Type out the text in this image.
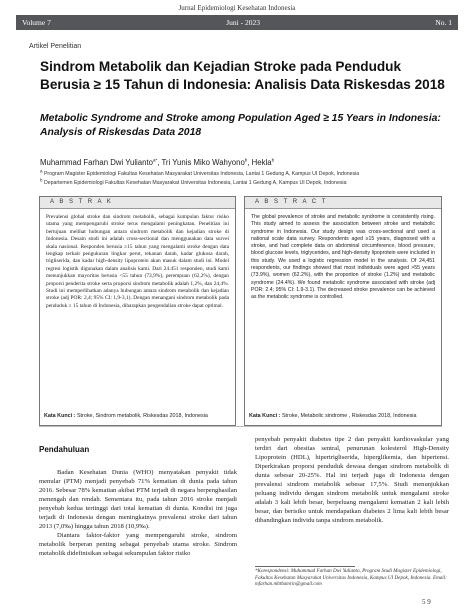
Jurnal Epidemiologi Kesehatan Indonesia
Volume 7	Juni - 2023	No. 1
Artikel Penelitian
Sindrom Metabolik dan Kejadian Stroke pada Penduduk Berusia ≥ 15 Tahun di Indonesia: Analisis Data Riskesdas 2018
Metabolic Syndrome and Stroke among Population Aged ≥ 15 Years in Indonesia: Analysis of Riskesdas Data 2018
Muhammad Farhan Dwi Yulianto$^{a*}$, Tri Yunis Miko Wahyono$^b$, Hekla$^b$
$^a$ Program Magister Epidemiologi Fakultas Kesehatan Masyarakat Universitas Indonesia, Lantai 1 Gedung A, Kampus UI Depok, Indonesia
$^b$ Departemen Epidemiologi Fakultas Kesehatan Masyarakat Universitas Indonesia, Lantai 1 Gedung A, Kampus UI Depok, Indonesia
A B S T R A K
Prevalensi global stroke dan sindrom metabolik, sebagai kumpulan faktor risiko utama yang mempengaruhi stroke terus mengalami peningkatan. Penelitian ini bertujuan melihat hubungan antara sindrom metabolik dan kejadian stroke di Indonesia. Desain studi ini adalah cross-sectional dan menggunakan data survei skala nasional. Responden berusia ≥15 tahun yang mengalami stroke dengan data lengkap terkait pengukuran lingkar perut, tekanan darah, kadar glukosa darah, trigliserida, dan kadar high-density lipoprotein akan masuk dalam studi ini. Model regresi logistik digunakan dalam analisis kami. Dari 24.451 responden, studi kami menunjukkan mayoritas berusia <55 tahun (73,9%), perempuan (62,2%), dengan proporsi penderita stroke serta proporsi sindrom metabolik adalah 1,2%, dan 24,4%. Studi ini memperlihatkan adanya hubungan antara sindrom metabolik dan kejadian stroke (adj POR: 2,4; 95% CI: 1,9-3,1). Dengan menangani sindrom metabolik pada penduduk ≥ 15 tahun di Indonesia, diharapkan pengendalian stroke dapat optimal.
Kata Kunci : Stroke, Sindrom metabolik, Riskesdas 2018, Indonesia
A B S T R A C T
The global prevalence of stroke and metabolic syndrome is consistently rising. This study aimed to assess the association between stroke and metabolic syndrome in Indonesia. Our study design was cross-sectional and used a national scale data survey. Respondents aged ≥15 years, diagnosed with a stroke, and had complete data on abdominal circumference, blood pressure, blood glucose levels, triglycerides, and high-density lipoprotein were included in this study. We used a logistic regression model in the analysis. Of 24,451 respondents, our findings showed that most individuals were aged >55 years (73.9%), women (62.2%), with the proportion of stroke (1.2%) and metabolic syndrome (24.4%). We found metabolic syndrome associated with stroke (adj POR: 2.4; 95% CI: 1.9-3.1). The decreased stroke prevalence can be achieved as the metabolic syndrome is controlled.
Kata Kunci : Stroke, Metabolic sindrome , Riskesdas 2018, Indonesia
Pendahuluan

Badan Kesehatan Dunia (WHO) menyatakan penyakit tidak menular (PTM) menjadi penyebab 71% kematian di dunia pada tahun 2016. Sebesar 78% kematian akibat PTM terjadi di negara berpenghasilan menengah dan rendah. Sementara itu, pada tahun 2016 stroke menjadi penyebab kedua tertinggi dari total kematian di dunia. Kondisi ini juga terjadi di Indonesia dengan meningkatnya prevalensi stroke dari tahun 2013 (7,0‰) hingga tahun 2018 (10,9‰).

Diantara faktor-faktor yang mempengaruhi stroke, sindrom metabolik berperan penting sebagai penyebab utama stroke. Sindrom metabolik didefinisikan sebagai sekumpulan faktor risiko

penyebab penyakit diabetes tipe 2 dan penyakit kardiovaskular yang terdiri dari obesitas sentral, penurunan kolesterol High-Density Lipoprotein (HDL), hipertrigliserida, hiperglikemia, dan hipertensi. Diperkirakan proporsi penduduk dewasa dengan sindrom metabolik di dunia sebesar 20-25%. Hal ini terjadi juga di Indonesia dengan prevalensi sindrom metabolik sebesar 17,5%. Studi menunjukkan peluang individu dengan sindrom metabolik untuk mengalami stroke adalah 3 kali lebih besar, berpeluang mengalami kematian 2 kali lebih besar, dan berisiko untuk mendapatkan diabetes 2 lima kali lebih besar dibandingkan individu tanpa sindrom metabolik.

*Korespondensi: Muhammad Farhan Dwi Yulianto, Program Studi Magister Epidemiologi, Fakultas Kesehatan Masyarakat Universitas Indonesia, Kampus UI Depok, Indonesia. Email: mfarhan.mhthamrin@gmail.com
5 9
